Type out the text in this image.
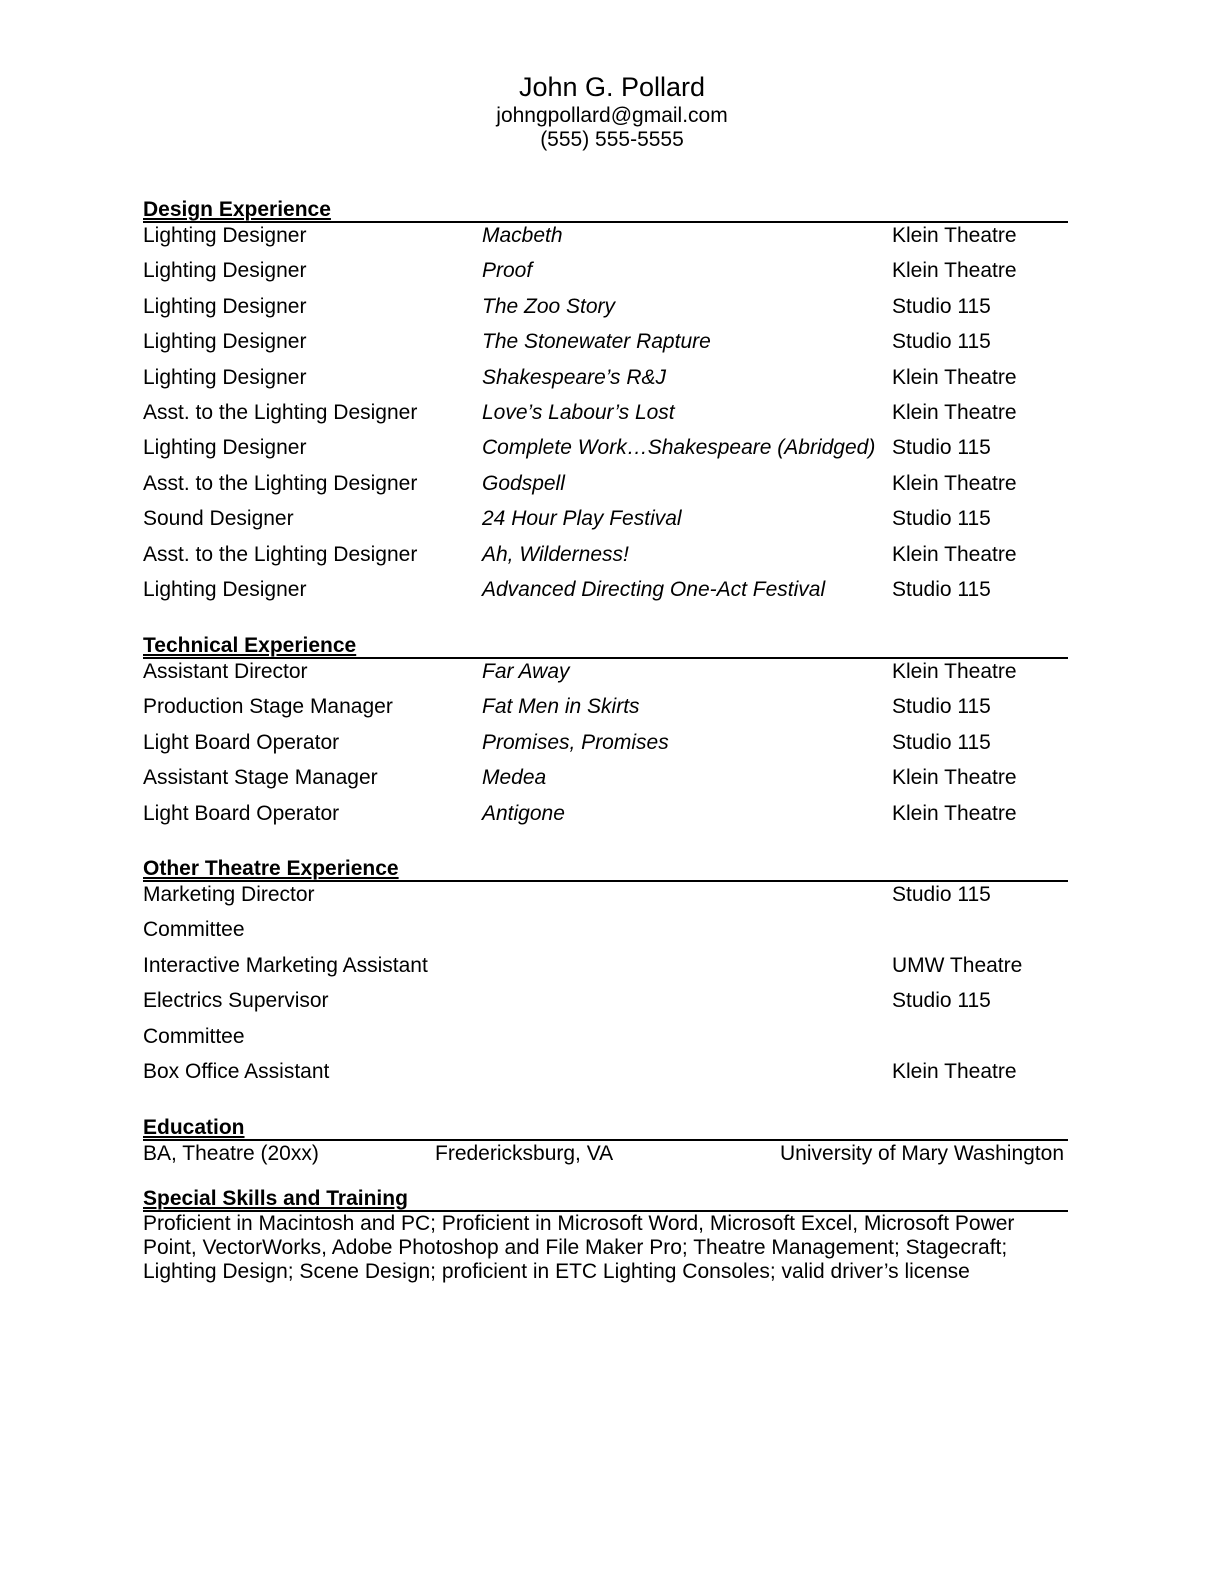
John G. Pollard
johngpollard@gmail.com
(555) 555-5555
Design Experience
Lighting Designer	Macbeth	Klein Theatre
Lighting Designer	Proof	Klein Theatre
Lighting Designer	The Zoo Story	Studio 115
Lighting Designer	The Stonewater Rapture	Studio 115
Lighting Designer	Shakespeare’s R&J	Klein Theatre
Asst. to the Lighting Designer	Love’s Labour’s Lost	Klein Theatre
Lighting Designer	Complete Work…Shakespeare (Abridged) Studio 115
Asst. to the Lighting Designer	Godspell	Klein Theatre
Sound Designer	24 Hour Play Festival	Studio 115
Asst. to the Lighting Designer	Ah, Wilderness!	Klein Theatre
Lighting Designer	Advanced Directing One-Act Festival	Studio 115
Technical Experience
Assistant Director	Far Away	Klein Theatre
Production Stage Manager	Fat Men in Skirts	Studio 115
Light Board Operator	Promises, Promises	Studio 115
Assistant Stage Manager	Medea	Klein Theatre
Light Board Operator	Antigone	Klein Theatre
Other Theatre Experience
Marketing Director	Studio 115
Committee
Interactive Marketing Assistant	UMW Theatre
Electrics Supervisor	Studio 115
Committee
Box Office Assistant	Klein Theatre
Education
BA, Theatre (20xx)	Fredericksburg, VA	University of Mary Washington
Special Skills and Training
Proficient in Macintosh and PC; Proficient in Microsoft Word, Microsoft Excel, Microsoft Power
Point, VectorWorks, Adobe Photoshop and File Maker Pro; Theatre Management; Stagecraft;
Lighting Design; Scene Design; proficient in ETC Lighting Consoles; valid driver’s license
